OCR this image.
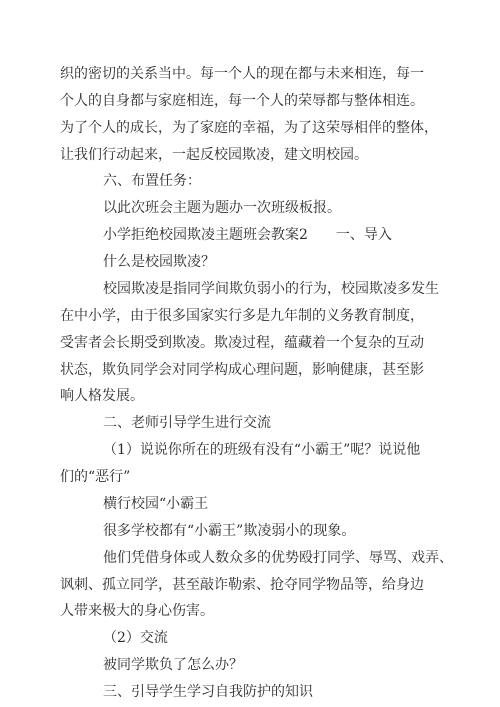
织的密切的关系当中。每一个人的现在都与未来相连，每一
个人的自身都与家庭相连，每一个人的荣辱都与整体相连。
为了个人的成长，为了家庭的幸福，为了这荣辱相伴的整体，
让我们行动起来，一起反校园欺凌，建文明校园。
六、布置任务：
以此次班会主题为题办一次班级板报。
小学拒绝校园欺凌主题班会教案2 一、导入
什么是校园欺凌？
校园欺凌是指同学间欺负弱小的行为，校园欺凌多发生
在中小学，由于很多国家实行多是九年制的义务教育制度，
受害者会长期受到欺凌。欺凌过程，蕴藏着一个复杂的互动
状态，欺负同学会对同学构成心理问题，影响健康，甚至影
响人格发展。
二、老师引导学生进行交流
（1）说说你所在的班级有没有“小霸王”呢？说说他
们的“恶行”
横行校园“小霸王
很多学校都有“小霸王”欺凌弱小的现象。
他们凭借身体或人数众多的优势殴打同学、辱骂、戏弄、
讽刺、孤立同学，甚至敲诈勒索、抢夺同学物品等，给身边
人带来极大的身心伤害。
（2）交流
被同学欺负了怎么办？
三、引导学生学习自我防护的知识
